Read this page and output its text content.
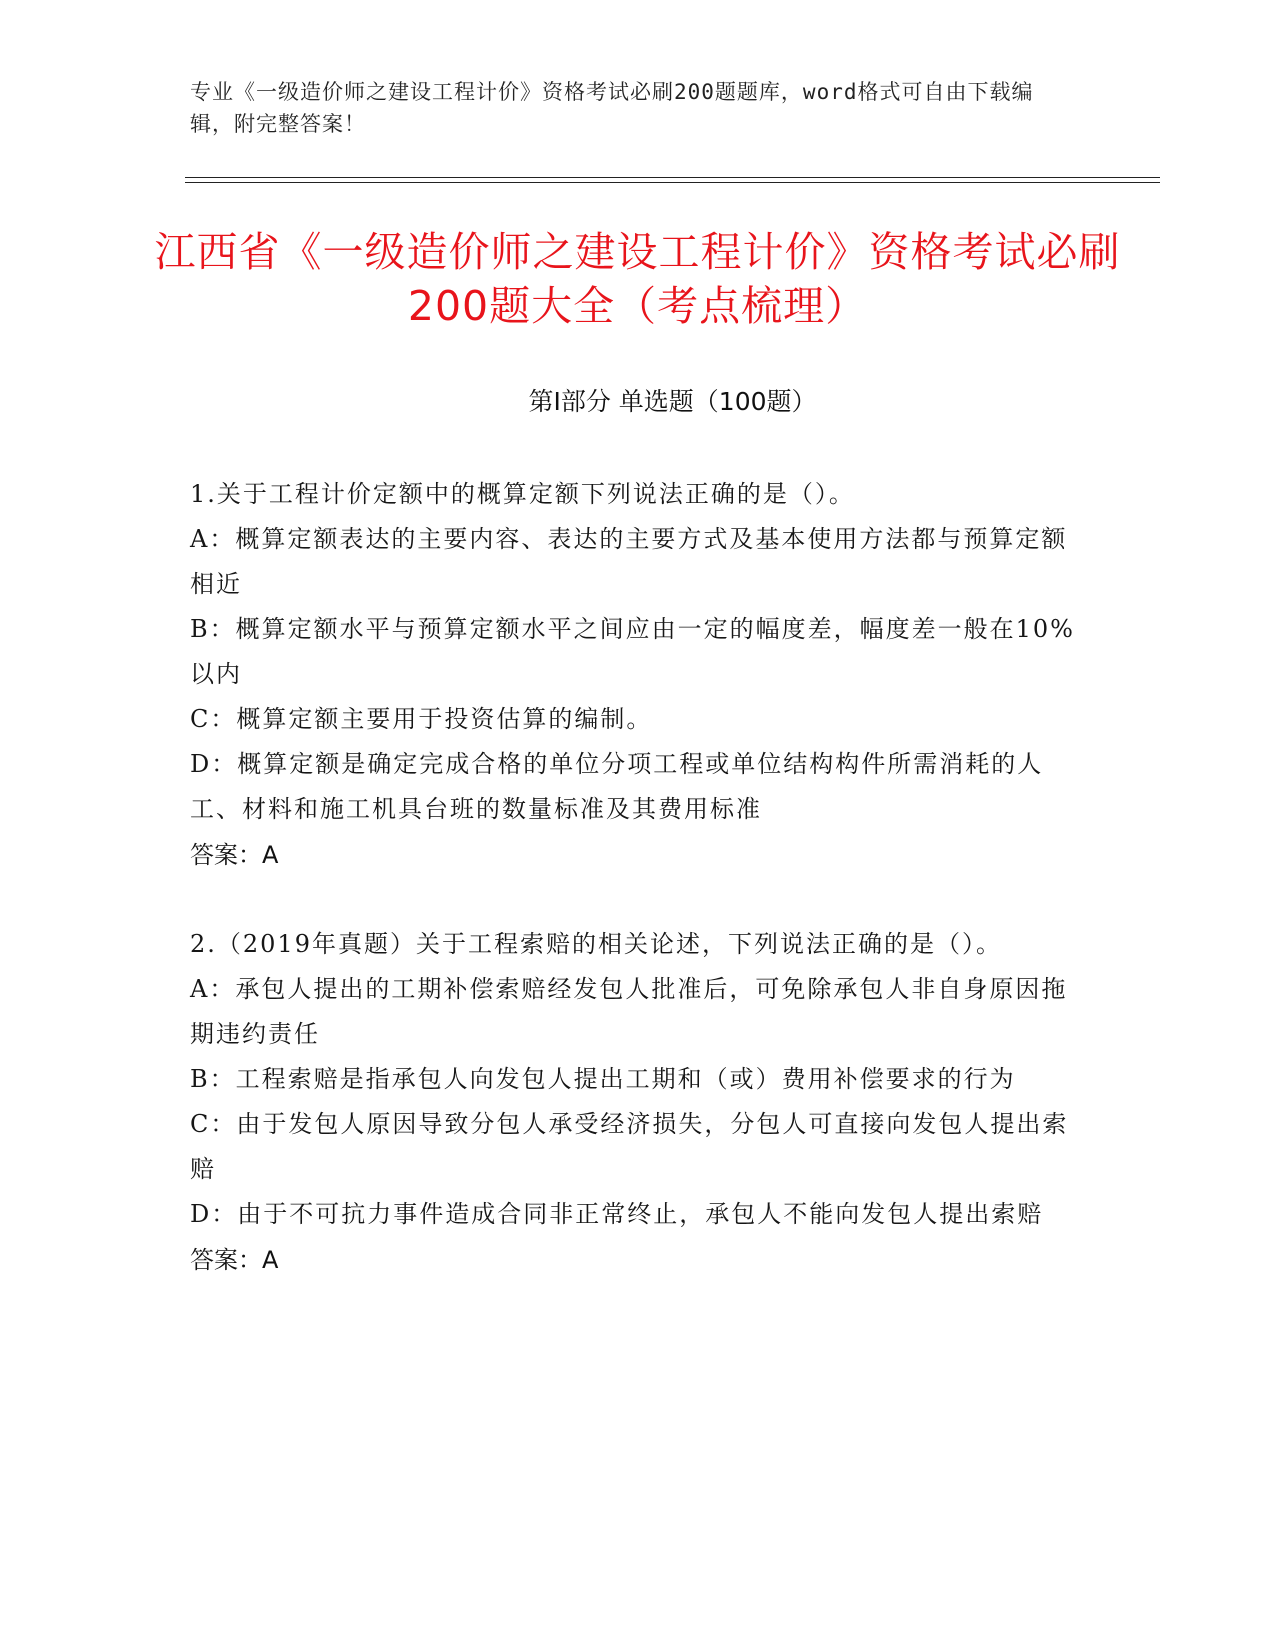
专业《一级造价师之建设工程计价》资格考试必刷200题题库，word格式可自由下载编辑，附完整答案！
江西省《一级造价师之建设工程计价》资格考试必刷200题大全（考点梳理）
第I部分 单选题（100题）

1.关于工程计价定额中的概算定额下列说法正确的是（）。

A：概算定额表达的主要内容、表达的主要方式及基本使用方法都与预算定额相近

B：概算定额水平与预算定额水平之间应由一定的幅度差，幅度差一般在10%以内

C：概算定额主要用于投资估算的编制。

D：概算定额是确定完成合格的单位分项工程或单位结构构件所需消耗的人工、材料和施工机具台班的数量标准及其费用标准

答案：A

2.（2019年真题）关于工程索赔的相关论述，下列说法正确的是（）。

A：承包人提出的工期补偿索赔经发包人批准后，可免除承包人非自身原因拖期违约责任

B：工程索赔是指承包人向发包人提出工期和（或）费用补偿要求的行为

C：由于发包人原因导致分包人承受经济损失，分包人可直接向发包人提出索赔

D：由于不可抗力事件造成合同非正常终止，承包人不能向发包人提出索赔

答案：A
